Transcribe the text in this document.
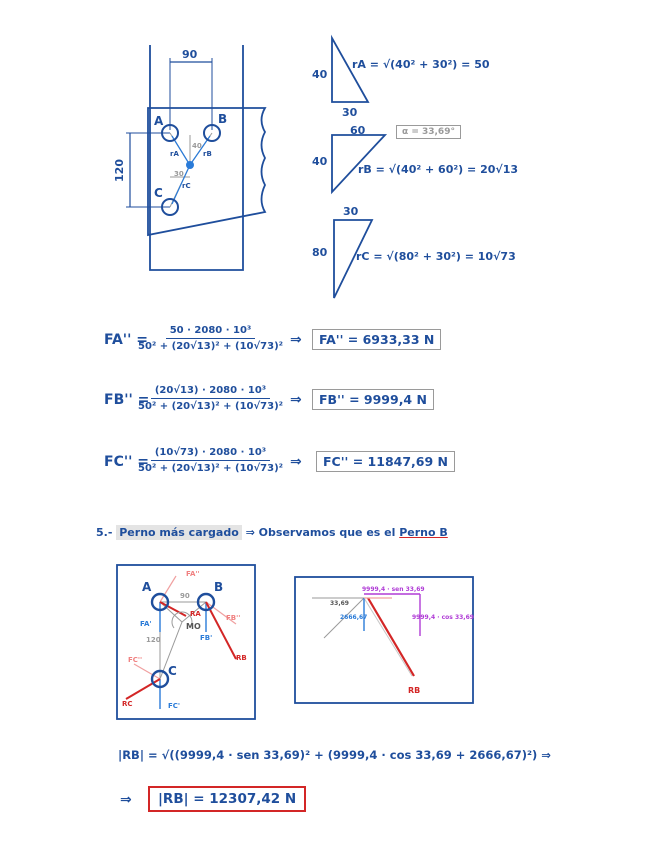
90
120
40
30
A	B
C
rA	rB
rC
40
30
rA = √(40² + 30²) = 50
40
60	α = 33,69°
rB = √(40² + 60²) = 20√13
30
80	rC = √(80² + 30²) = 10√73
FA'' =
$\frac{\text{50 · 2080 · 10³}}{\text{50² + (20√13)² + (10√73)²}}$ ⇒	FA'' = 6933,33 N
FB'' =
$\frac{\text{(20√13) · 2080 · 10³}}{\text{50² + (20√13)² + (10√73)²}}$ ⇒	FB'' = 9999,4 N
FC'' =
$\frac{\text{(10√73) · 2080 · 10³}}{\text{50² + (20√13)² + (10√73)²}}$ ⇒	FC'' = 11847,69 N
5.- Perno más cargado ⇒ Observamos que es el Perno B
A	B
C
90
120
MO
FA'
FA''
FB'
FB''
FC'
FC''
RA
RB
RC
9999,4 · sen 33,69
9999,4 · cos 33,69
33,69
2666,67
RB
|RB| = √((9999,4 · sen 33,69)² + (9999,4 · cos 33,69 + 2666,67)²) ⇒
⇒	|RB| = 12307,42 N
